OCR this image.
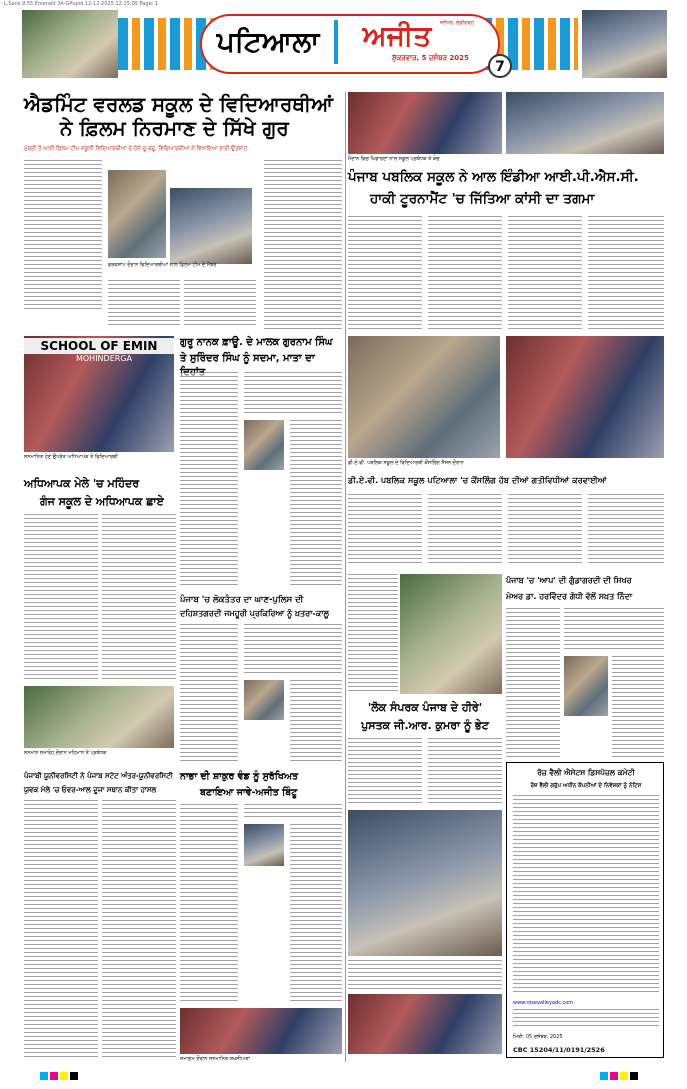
L.Sans 9.55 Emerald 3A-GPupid 12-12-2025 12:15:05 Page: 1
ਪਟਿਆਲਾ	ਅਜੀਤ	ਜਲੰਧਰ, ਚੰਡੀਗੜ੍ਹ
ਸ਼ੁੱਕਰਵਾਰ, 5 ਦਸੰਬਰ 2025
7
ਐਡਮਿੰਟ ਵਰਲਡ ਸਕੂਲ ਦੇ ਵਿਦਿਆਰਥੀਆਂ
ਨੇ ਫ਼ਿਲਮ ਨਿਰਮਾਣ ਦੇ ਸਿੱਖੇ ਗੁਰ
ਮੁੰਬਈ ਤੋਂ ਆਈ ਫ਼ਿਲਮ ਟੀਮ ਸਕੂਲੀ ਵਿਦਿਆਰਥੀਆਂ ਦੇ ਹੋਏ ਰੂ-ਬਰੂ, ਵਿਦਿਆਰਥੀਆਂ ਨੇ ਵਿਖਾਇਆ ਭਾਰੀ ਉਤਸ਼ਾਹ
ਵਰਕਸ਼ਾਪ ਦੌਰਾਨ ਵਿਦਿਆਰਥੀਆਂ ਨਾਲ ਫ਼ਿਲਮ ਟੀਮ ਦੇ ਮੈਂਬਰ
ਗੁਰੂ ਨਾਨਕ ਫ਼ਾਊ. ਦੇ ਮਾਲਕ ਗੁਰਨਾਮ ਸਿੰਘ
ਤੇ ਸੁਰਿੰਦਰ ਸਿੰਘ ਨੂੰ ਸਦਮਾ, ਮਾਤਾ ਦਾ
SCHOOL OF EMIN
MOHINDERGA
ਸਨਮਾਨਿਤ ਹੋਣ ਉਪਰੰਤ ਅਧਿਆਪਕ ਤੇ ਵਿਦਿਆਰਥੀ
ਅਧਿਆਪਕ ਮੇਲੇ 'ਚ ਮਹਿੰਦਰ
ਗੰਜ ਸਕੂਲ ਦੇ ਅਧਿਆਪਕ ਛਾਏ
ਪੰਜਾਬ 'ਚ ਲੋਕਤੰਤਰ ਦਾ ਘਾਣ-ਪੁਲਿਸ ਦੀ
ਦਹਿਸ਼ਤਗਰਦੀ ਜਮਹੂਰੀ ਪ੍ਰਕਿਰਿਆ ਨੂੰ ਖ਼ਤਰਾ-ਕਾਲੂ
ਸਨਮਾਨ ਸਮਾਰੋਹ ਦੌਰਾਨ ਮਹਿਮਾਨ ਤੇ ਪ੍ਰਬੰਧਕ
ਪੰਜਾਬੀ ਯੂਨੀਵਰਸਿਟੀ ਨੇ ਪੰਜਾਬ ਸਟੇਟ ਅੰਤਰ-ਯੂਨੀਵਰਸਿਟੀ
ਯੁਵਕ ਮੇਲੇ 'ਚ ਓਵਰ-ਆਲ ਦੂਜਾ ਸਥਾਨ ਕੀਤਾ ਹਾਸਲ
ਨਾਭਾ ਦੀ ਸ਼ਾਕੁਰ ਵੰਡ ਨੂੰ ਸੁਰੱਖਿਅਤ
ਬਣਾਇਆ ਜਾਵੇ-ਅਜੀਤ ਬਿੰਟੂ
ਸਮਾਗਮ ਦੌਰਾਨ ਸਨਮਾਨਿਤ ਸ਼ਖ਼ਸੀਅਤਾਂ
ਮੈਦਾਨ ਵਿਚ ਖਿਡਾਰਣਾਂ ਨਾਲ ਸਕੂਲ ਪ੍ਰਬੰਧਕ ਤੇ ਕੋਚ
ਪੰਜਾਬ ਪਬਲਿਕ ਸਕੂਲ ਨੇ ਆਲ ਇੰਡੀਆ ਆਈ.ਪੀ.ਐਸ.ਸੀ.
ਹਾਕੀ ਟੂਰਨਾਮੈਂਟ 'ਚ ਜਿੱਤਿਆ ਕਾਂਸੀ ਦਾ ਤਗਮਾ
ਡੀ.ਏ.ਵੀ. ਪਬਲਿਕ ਸਕੂਲ ਦੇ ਵਿਦਿਆਰਥੀ ਕੌਂਸਲਿੰਗ ਸੈਸ਼ਨ ਦੌਰਾਨ
ਡੀ.ਏ.ਵੀ. ਪਬਲਿਕ ਸਕੂਲ ਪਟਿਆਲਾ 'ਚ ਕੌਂਸਲਿੰਗ ਹੱਬ ਦੀਆਂ ਗਤੀਵਿਧੀਆਂ ਕਰਵਾਈਆਂ
'ਲੋਕ ਸੰਪਰਕ ਪੰਜਾਬ ਦੇ ਹੀਰੇ'
ਪੁਸਤਕ ਜੀ.ਆਰ. ਕੁਮਰਾ ਨੂੰ ਭੇਟ
ਪੰਜਾਬ 'ਚ 'ਆਪ' ਦੀ ਗੁੰਡਾਗਰਦੀ ਦੀ ਸਿਖਰ
ਮੇਅਰ ਡਾ. ਹਰਵਿੰਦਰ ਗੋਧੀ ਵੱਲੋਂ ਸਖ਼ਤ ਨਿੰਦਾ
ਰੋਜ਼ ਵੈਲੀ ਐਸੇਟਸ ਡਿਸਪੋਜ਼ਲ ਕਮੇਟੀ
ਰੋਜ਼ ਵੈਲੀ ਗਰੁੱਪ ਅਧੀਨ ਕੰਪਨੀਆਂ ਦੇ ਨਿਵੇਸ਼ਕਾਂ ਨੂੰ ਨੋਟਿਸ
www.rosevalleyadc.com
ਮਿਤੀ: 05 ਦਸੰਬਰ, 2025
CBC 15204/11/0191/2526
